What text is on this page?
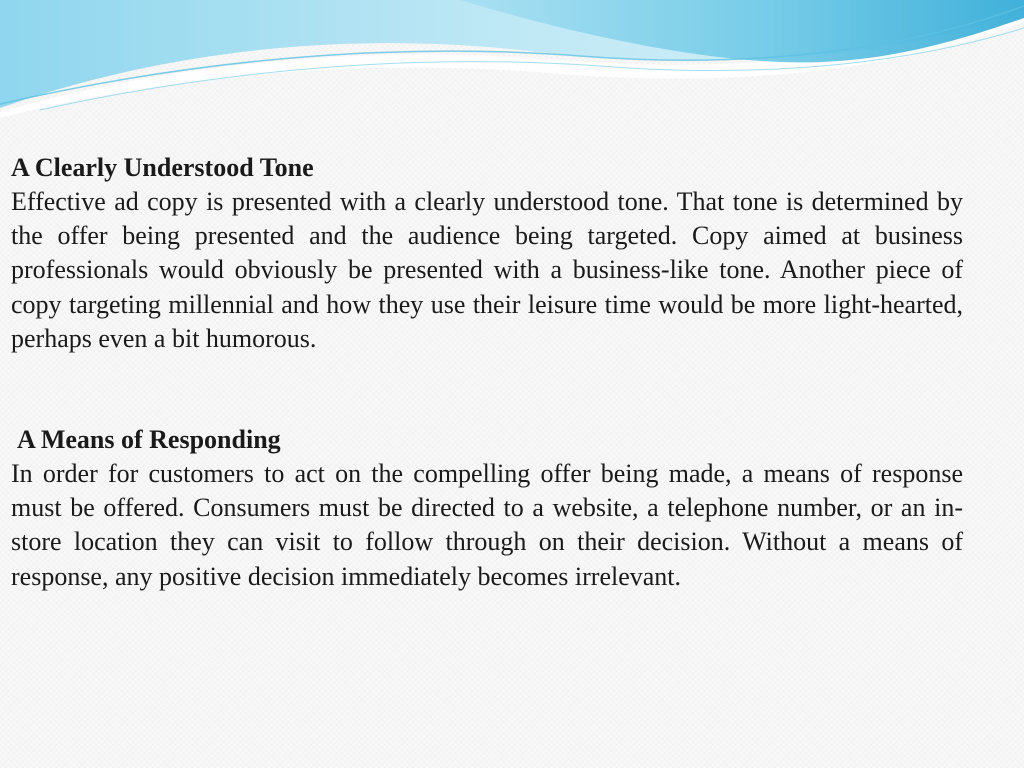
A Clearly Understood Tone

Effective ad copy is presented with a clearly understood tone. That tone is determined by the offer being presented and the audience being targeted. Copy aimed at business professionals would obviously be presented with a business-like tone. Another piece of copy targeting millennial and how they use their leisure time would be more light-hearted, perhaps even a bit humorous.

A Means of Responding

In order for customers to act on the compelling offer being made, a means of response must be offered. Consumers must be directed to a website, a telephone number, or an in-store location they can visit to follow through on their decision. Without a means of response, any positive decision immediately becomes irrelevant.
